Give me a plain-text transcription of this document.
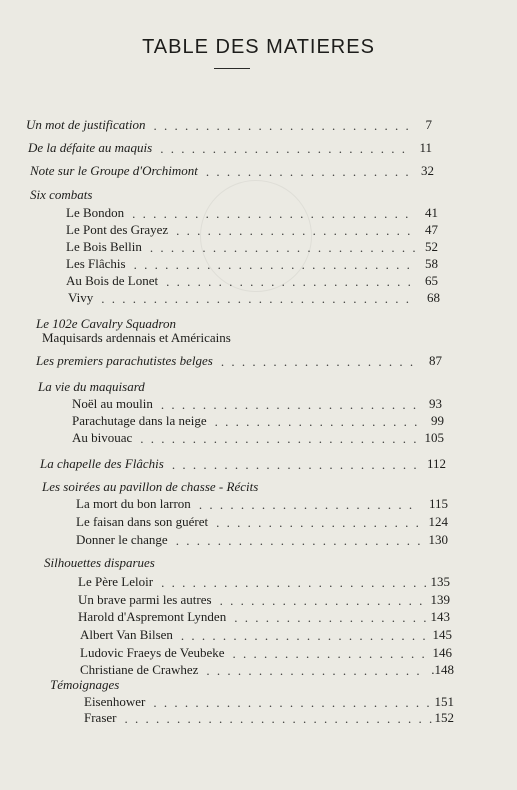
TABLE DES MATIERES
Un mot de justification . . . . . . . . . . . . . . . . . . . . . . . . .	7
De la défaite au maquis . . . . . . . . . . . . . . . . . . . . . . . . 11
Note sur le Groupe d'Orchimont . . . . . . . . . . . . . . . . . . . . 32
Six combats
Le Bondon . . . . . . . . . . . . . . . . . . . . . . . . . . .	41
Le Pont des Grayez . . . . . . . . . . . . . . . . . . . . . . . 47
Le Bois Bellin . . . . . . . . . . . . . . . . . . . . . . . . . . 52
Les Flâchis . . . . . . . . . . . . . . . . . . . . . . . . . . .	58
Au Bois de Lonet . . . . . . . . . . . . . . . . . . . . . . . . 65
Vivy . . . . . . . . . . . . . . . . . . . . . . . . . . . . . .	68
Le 102e Cavalry Squadron
Maquisards ardennais et Américains
Les premiers parachutistes belges . . . . . . . . . . . . . . . . . . .	87
La vie du maquisard
Noël au moulin . . . . . . . . . . . . . . . . . . . . . . . . . 93
Parachutage dans la neige . . . . . . . . . . . . . . . . . . . . 99
Au bivouac . . . . . . . . . . . . . . . . . . . . . . . . . . . 105
La chapelle des Flâchis . . . . . . . . . . . . . . . . . . . . . . . . 112
Les soirées au pavillon de chasse - Récits
La mort du bon larron . . . . . . . . . . . . . . . . . . . . .	115
Le faisan dans son guéret . . . . . . . . . . . . . . . . . . . . 124
Donner le change . . . . . . . . . . . . . . . . . . . . . . . . 130
Silhouettes disparues
Le Père Leloir . . . . . . . . . . . . . . . . . . . . . . . . . . 135
Un brave parmi les autres . . . . . . . . . . . . . . . . . . . . 139
Harold d'Aspremont Lynden . . . . . . . . . . . . . . . . . . . 143
Albert Van Bilsen . . . . . . . . . . . . . . . . . . . . . . . . 145
Ludovic Fraeys de Veubeke . . . . . . . . . . . . . . . . . . . 146
Christiane de Crawhez . . . . . . . . . . . . . . . . . . . . . .148
Témoignages
Eisenhower . . . . . . . . . . . . . . . . . . . . . . . . . . . 151
Fraser . . . . . . . . . . . . . . . . . . . . . . . . . . . . . . 152
